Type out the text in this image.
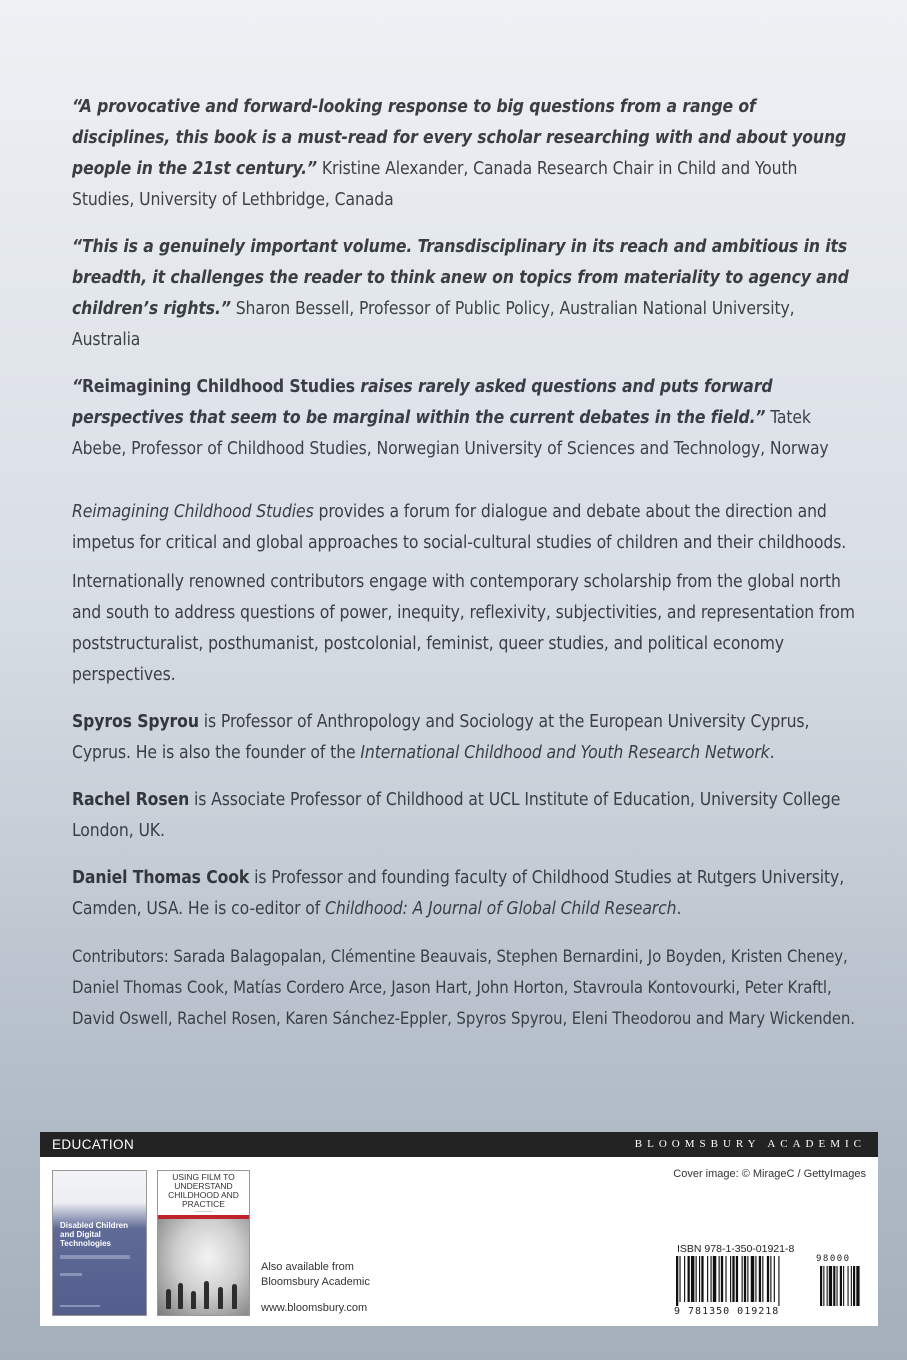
“A provocative and forward-looking response to big questions from a range of disciplines, this book is a must-read for every scholar researching with and about young people in the 21st century.” Kristine Alexander, Canada Research Chair in Child and Youth Studies, University of Lethbridge, Canada

“This is a genuinely important volume. Transdisciplinary in its reach and ambitious in its breadth, it challenges the reader to think anew on topics from materiality to agency and children’s rights.” Sharon Bessell, Professor of Public Policy, Australian National University, Australia

“Reimagining Childhood Studies raises rarely asked questions and puts forward perspectives that seem to be marginal within the current debates in the field.” Tatek Abebe, Professor of Childhood Studies, Norwegian University of Sciences and Technology, Norway

Reimagining Childhood Studies provides a forum for dialogue and debate about the direction and impetus for critical and global approaches to social-cultural studies of children and their childhoods.

Internationally renowned contributors engage with contemporary scholarship from the global north and south to address questions of power, inequity, reflexivity, subjectivities, and representation from poststructuralist, posthumanist, postcolonial, feminist, queer studies, and political economy perspectives.

Spyros Spyrou is Professor of Anthropology and Sociology at the European University Cyprus, Cyprus. He is also the founder of the International Childhood and Youth Research Network.

Rachel Rosen is Associate Professor of Childhood at UCL Institute of Education, University College London, UK.

Daniel Thomas Cook is Professor and founding faculty of Childhood Studies at Rutgers University, Camden, USA. He is co-editor of Childhood: A Journal of Global Child Research.

Contributors: Sarada Balagopalan, Clémentine Beauvais, Stephen Bernardini, Jo Boyden, Kristen Cheney, Daniel Thomas Cook, Matías Cordero Arce, Jason Hart, John Horton, Stavroula Kontovourki, Peter Kraftl, David Oswell, Rachel Rosen, Karen Sánchez-Eppler, Spyros Spyrou, Eleni Theodorou and Mary Wickenden.

EDUCATION	BLOOMSBURY ACADEMIC
Disabled Children and Digital Technologies
USING FILM TO UNDERSTAND CHILDHOOD AND PRACTICE
──────
Also available from
Bloomsbury Academic
www.bloomsbury.com
Cover image: © MirageC / GettyImages
ISBN 978-1-350-01921-8
9 781350 019218
98000
